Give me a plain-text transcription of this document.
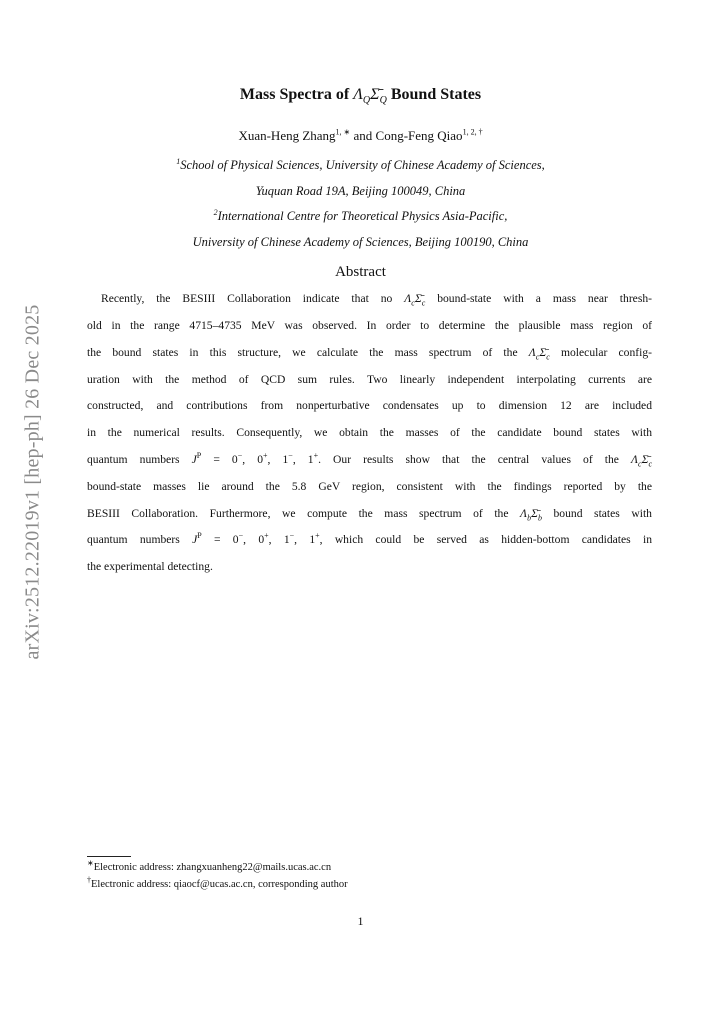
arXiv:2512.22019v1 [hep-ph] 26 Dec 2025
Mass Spectra of $\Lambda_Q\Sigmā_Q$ Bound States
Xuan-Heng Zhang$^{1, ∗}$ and Cong-Feng Qiao$^{1, 2, \dagger}$
$^1$School of Physical Sciences, University of Chinese Academy of Sciences,
Yuquan Road 19A, Beijing 100049, China
$^2$International Centre for Theoretical Physics Asia-Pacific,
University of Chinese Academy of Sciences, Beijing 100190, China
Abstract
Recently, the BESIII Collaboration indicate that no $\Lambda_c\Sigmā_c$ bound-state with a mass near thresh-
old in the range 4715–4735 MeV was observed. In order to determine the plausible mass region of
the bound states in this structure, we calculate the mass spectrum of the $\Lambda_c\Sigmā_c$ molecular config-
uration with the method of QCD sum rules. Two linearly independent interpolating currents are
constructed, and contributions from nonperturbative condensates up to dimension 12 are included
in the numerical results. Consequently, we obtain the masses of the candidate bound states with
quantum numbers $J^P = 0^-$, 0+, 1−, 1+. Our results show that the central values of the $\Lambda_c\Sigmā_c$
bound-state masses lie around the 5.8 GeV region, consistent with the findings reported by the
BESIII Collaboration. Furthermore, we compute the mass spectrum of the $\Lambda_b\Sigmā_b$ bound states with
quantum numbers $J^P = 0^-$, 0+, 1−, 1+, which could be served as hidden-bottom candidates in
the experimental detecting.
∗Electronic address: zhangxuanheng22@mails.ucas.ac.cn
†Electronic address: qiaocf@ucas.ac.cn, corresponding author
1
